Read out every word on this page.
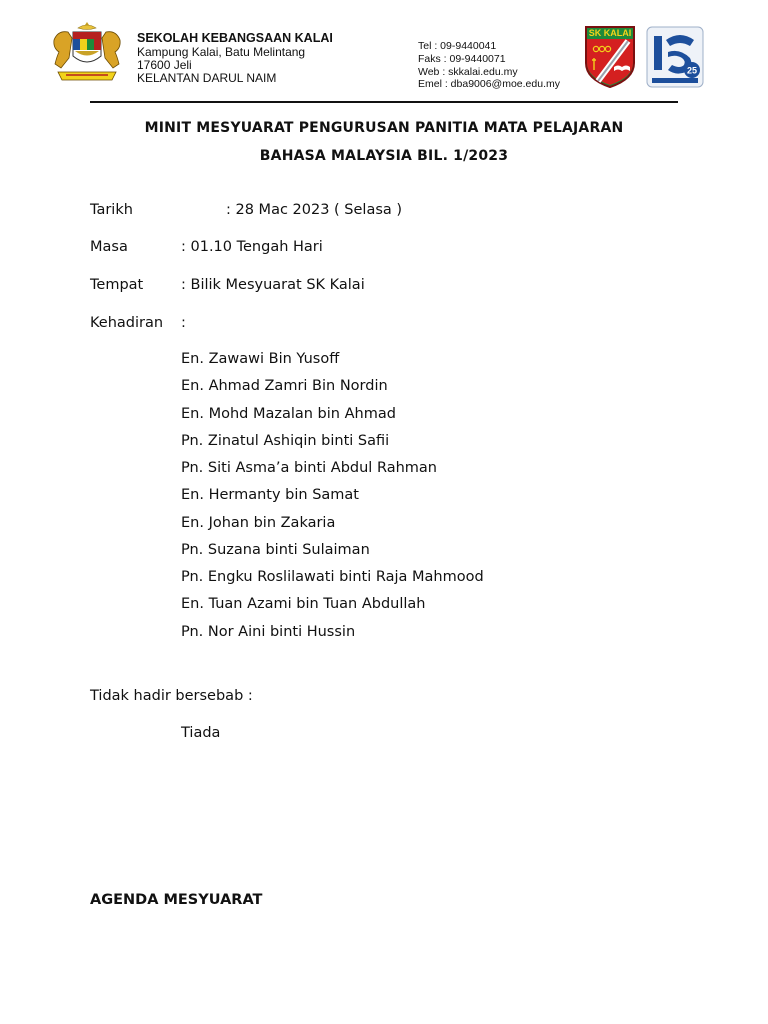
SEKOLAH KEBANGSAAN KALAI
Kampung Kalai, Batu Melintang
17600 Jeli
KELANTAN DARUL NAIM
Tel : 09-9440041
Faks : 09-9440071
Web : skkalai.edu.my
Emel : dba9006@moe.edu.my
SK KALAI
25
MINIT MESYUARAT PENGURUSAN PANITIA MATA PELAJARAN
BAHASA MALAYSIA BIL. 1/2023
Tarikh	: 28 Mac 2023 ( Selasa )
Masa	: 01.10 Tengah Hari
Tempat	: Bilik Mesyuarat SK Kalai
Kehadiran :
En. Zawawi Bin Yusoff
En. Ahmad Zamri Bin Nordin
En. Mohd Mazalan bin Ahmad
Pn. Zinatul Ashiqin binti Safii
Pn. Siti Asma’a binti Abdul Rahman
En. Hermanty bin Samat
En. Johan bin Zakaria
Pn. Suzana binti Sulaiman
Pn. Engku Roslilawati binti Raja Mahmood
En. Tuan Azami bin Tuan Abdullah
Pn. Nor Aini binti Hussin
Tidak hadir bersebab :
Tiada
AGENDA MESYUARAT
